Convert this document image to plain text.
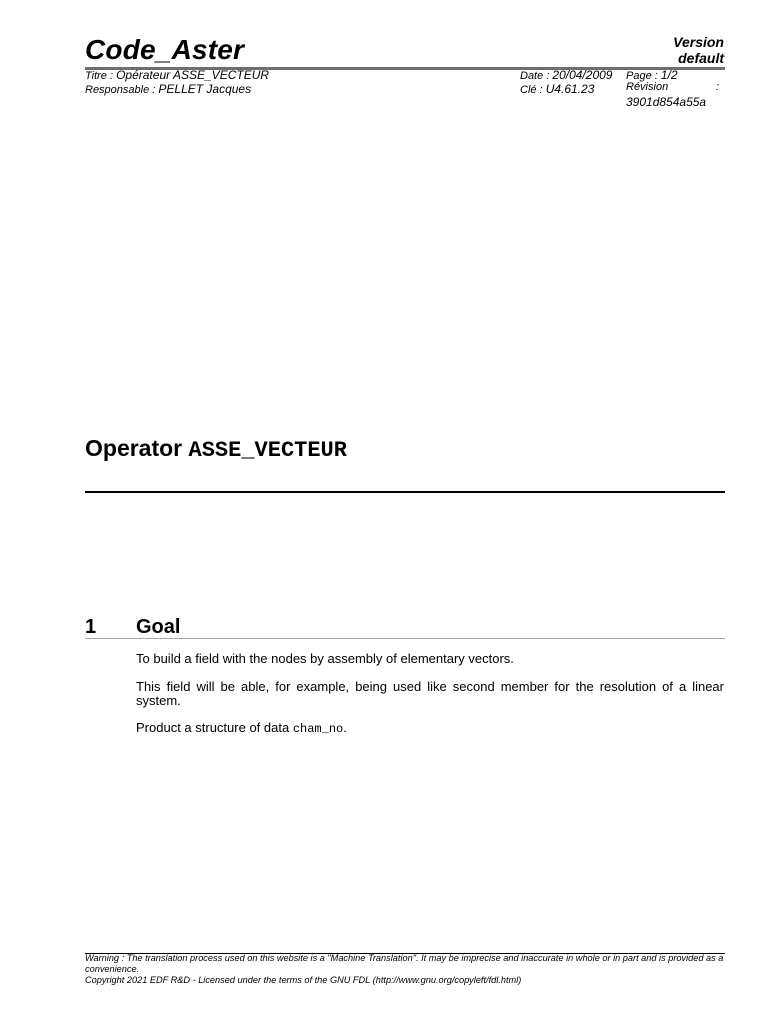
Code_Aster	Version
default
Titre : Opérateur ASSE_VECTEUR
Responsable : PELLET Jacques
Date : 20/04/2009
Clé : U4.61.23
Page : 1/2
Révision	:
3901d854a55a
Operator ASSE_VECTEUR
1 Goal
To build a field with the nodes by assembly of elementary vectors.
This field will be able, for example, being used like second member for the resolution of a linear system.
Product a structure of data cham_no.
Warning : The translation process used on this website is a "Machine Translation". It may be imprecise and inaccurate in whole or in part and is provided as a convenience.
Copyright 2021 EDF R&D - Licensed under the terms of the GNU FDL (http://www.gnu.org/copyleft/fdl.html)
